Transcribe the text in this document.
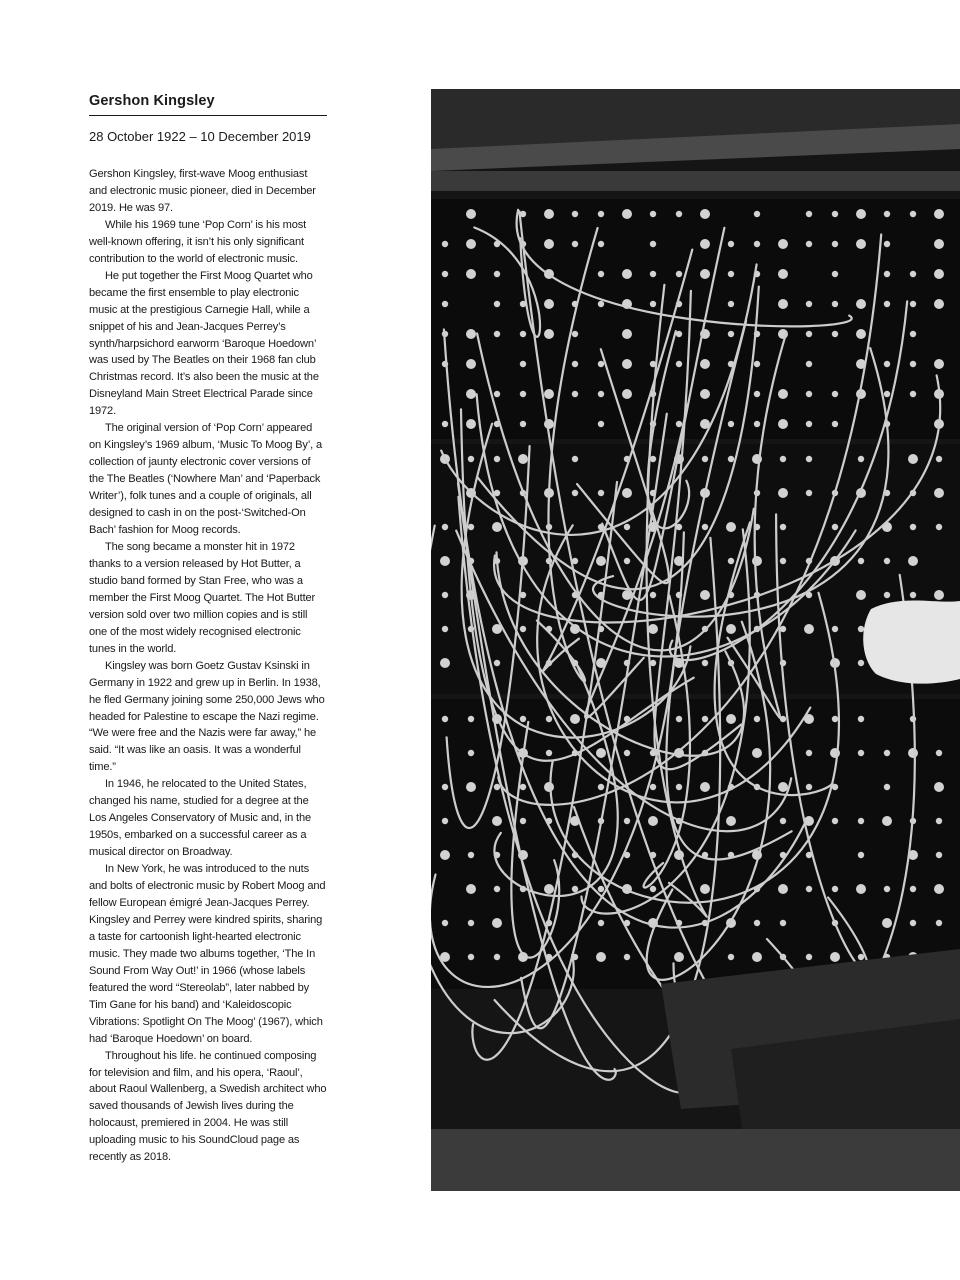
Gershon Kingsley
28 October 1922 – 10 December 2019

Gershon Kingsley, first-wave Moog enthusiast and electronic music pioneer, died in December 2019. He was 97.

While his 1969 tune ‘Pop Corn’ is his most well-known offering, it isn’t his only significant contribution to the world of electronic music.

He put together the First Moog Quartet who became the first ensemble to play electronic music at the prestigious Carnegie Hall, while a snippet of his and Jean-Jacques Perrey’s synth/harpsichord earworm ‘Baroque Hoedown’ was used by The Beatles on their 1968 fan club Christmas record. It’s also been the music at the Disneyland Main Street Electrical Parade since 1972.

The original version of ‘Pop Corn’ appeared on Kingsley’s 1969 album, ‘Music To Moog By’, a collection of jaunty electronic cover versions of the The Beatles (‘Nowhere Man’ and ‘Paperback Writer’), folk tunes and a couple of originals, all designed to cash in on the post-‘Switched-On Bach’ fashion for Moog records.

The song became a monster hit in 1972 thanks to a version released by Hot Butter, a studio band formed by Stan Free, who was a member the First Moog Quartet. The Hot Butter version sold over two million copies and is still one of the most widely recognised electronic tunes in the world.

Kingsley was born Goetz Gustav Ksinski in Germany in 1922 and grew up in Berlin. In 1938, he fled Germany joining some 250,000 Jews who headed for Palestine to escape the Nazi regime. “We were free and the Nazis were far away,” he said. “It was like an oasis. It was a wonderful time.”

In 1946, he relocated to the United States, changed his name, studied for a degree at the Los Angeles Conservatory of Music and, in the 1950s, embarked on a successful career as a musical director on Broadway.

In New York, he was introduced to the nuts and bolts of electronic music by Robert Moog and fellow European émigré Jean-Jacques Perrey. Kingsley and Perrey were kindred spirits, sharing a taste for cartoonish light-hearted electronic music. They made two albums together, ‘The In Sound From Way Out!’ in 1966 (whose labels featured the word “Stereolab”, later nabbed by Tim Gane for his band) and ‘Kaleidoscopic Vibrations: Spotlight On The Moog’ (1967), which had ‘Baroque Hoedown’ on board.

Throughout his life. he continued composing for television and film, and his opera, ‘Raoul’, about Raoul Wallenberg, a Swedish architect who saved thousands of Jewish lives during the holocaust, premiered in 2004. He was still uploading music to his SoundCloud page as recently as 2018.
